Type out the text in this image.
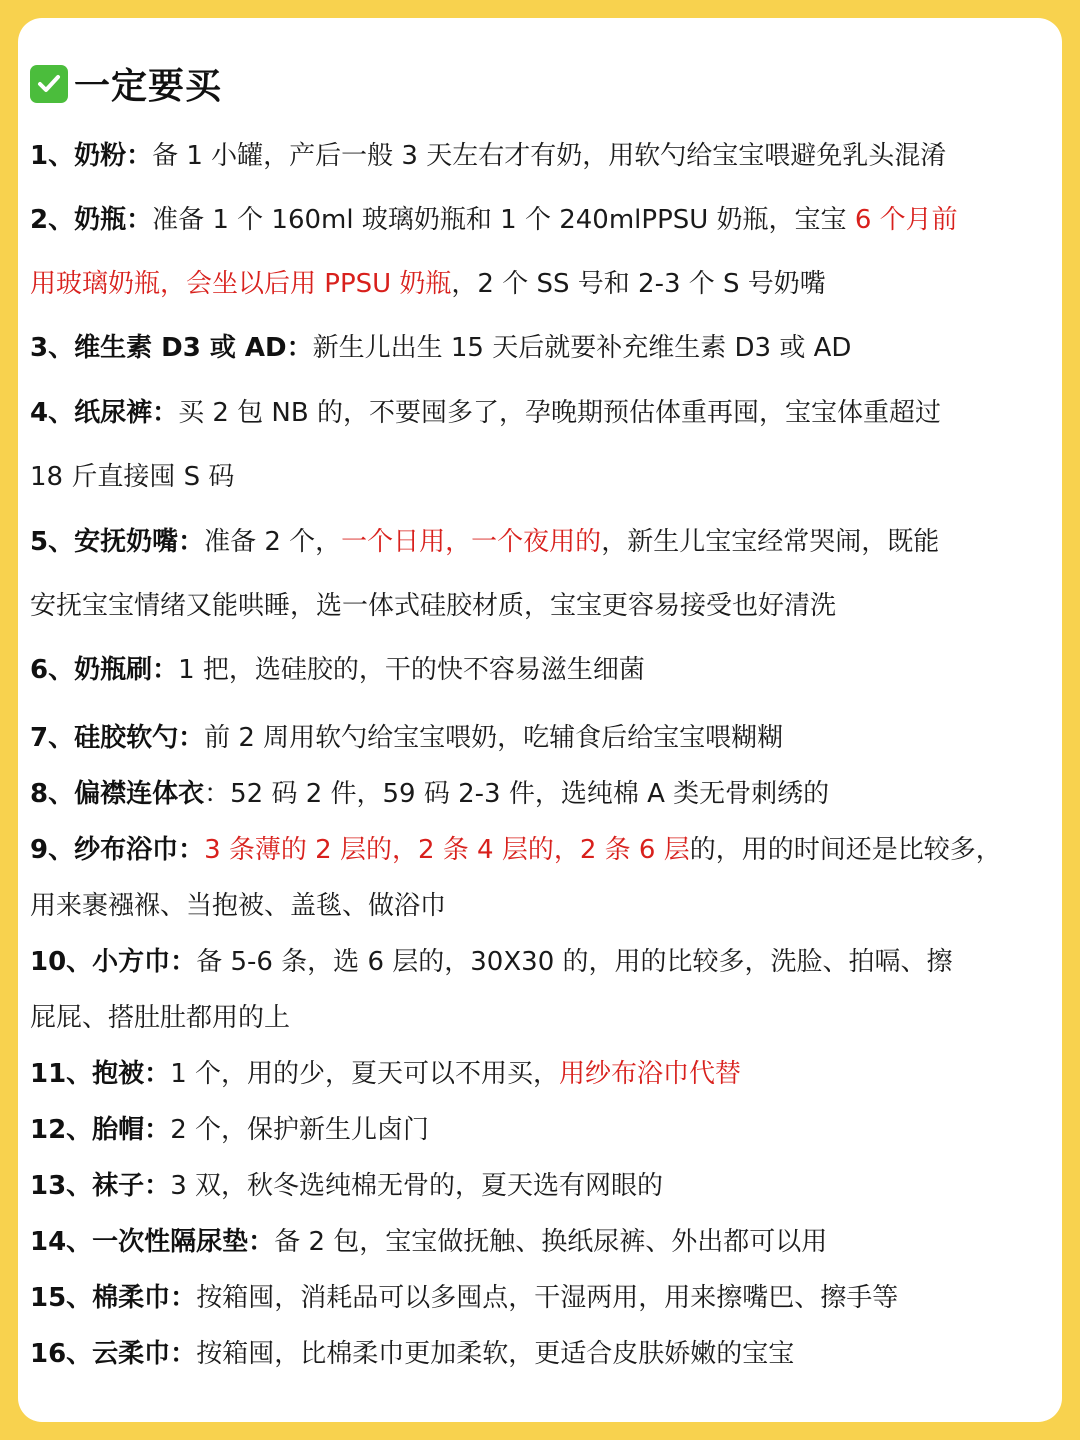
一定要买
1、奶粉：备 1 小罐，产后一般 3 天左右才有奶，用软勺给宝宝喂避免乳头混淆
2、奶瓶：准备 1 个 160ml 玻璃奶瓶和 1 个 240mlPPSU 奶瓶，宝宝 6 个月前
用玻璃奶瓶，会坐以后用 PPSU 奶瓶，2 个 SS 号和 2-3 个 S 号奶嘴
3、维生素 D3 或 AD：新生儿出生 15 天后就要补充维生素 D3 或 AD
4、纸尿裤：买 2 包 NB 的，不要囤多了，孕晚期预估体重再囤，宝宝体重超过
18 斤直接囤 S 码
5、安抚奶嘴：准备 2 个，一个日用，一个夜用的，新生儿宝宝经常哭闹，既能
安抚宝宝情绪又能哄睡，选一体式硅胶材质，宝宝更容易接受也好清洗
6、奶瓶刷：1 把，选硅胶的，干的快不容易滋生细菌
7、硅胶软勺：前 2 周用软勺给宝宝喂奶，吃辅食后给宝宝喂糊糊
8、偏襟连体衣：52 码 2 件，59 码 2-3 件，选纯棉 A 类无骨刺绣的
9、纱布浴巾：3 条薄的 2 层的，2 条 4 层的，2 条 6 层的，用的时间还是比较多，
用来裹襁褓、当抱被、盖毯、做浴巾
10、小方巾：备 5-6 条，选 6 层的，30X30 的，用的比较多，洗脸、拍嗝、擦
屁屁、搭肚肚都用的上
11、抱被：1 个，用的少，夏天可以不用买，用纱布浴巾代替
12、胎帽：2 个，保护新生儿卤门
13、袜子：3 双，秋冬选纯棉无骨的，夏天选有网眼的
14、一次性隔尿垫：备 2 包，宝宝做抚触、换纸尿裤、外出都可以用
15、棉柔巾：按箱囤，消耗品可以多囤点，干湿两用，用来擦嘴巴、擦手等
16、云柔巾：按箱囤，比棉柔巾更加柔软，更适合皮肤娇嫩的宝宝
